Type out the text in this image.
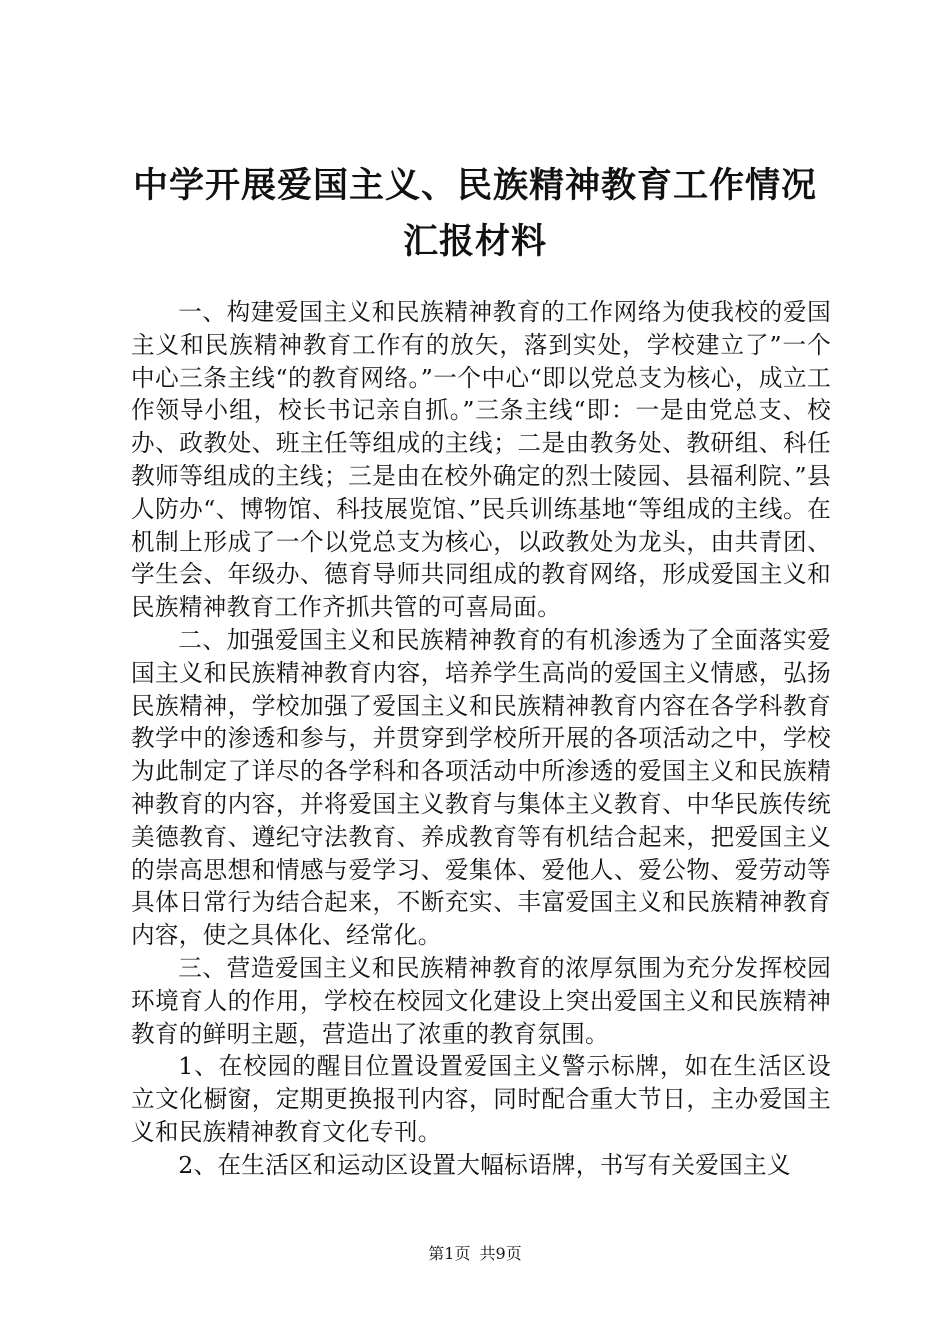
中学开展爱国主义、民族精神教育工作情况汇报材料

一、构建爱国主义和民族精神教育的工作网络为使我校的爱国主义和民族精神教育工作有的放矢，落到实处，学校建立了”一个中心三条主线“的教育网络。”一个中心“即以党总支为核心，成立工作领导小组，校长书记亲自抓。”三条主线“即：一是由党总支、校办、政教处、班主任等组成的主线；二是由教务处、教研组、科任教师等组成的主线；三是由在校外确定的烈士陵园、县福利院、”县人防办“、博物馆、科技展览馆、”民兵训练基地“等组成的主线。在机制上形成了一个以党总支为核心，以政教处为龙头，由共青团、学生会、年级办、德育导师共同组成的教育网络，形成爱国主义和民族精神教育工作齐抓共管的可喜局面。

二、加强爱国主义和民族精神教育的有机渗透为了全面落实爱国主义和民族精神教育内容，培养学生高尚的爱国主义情感，弘扬民族精神，学校加强了爱国主义和民族精神教育内容在各学科教育教学中的渗透和参与，并贯穿到学校所开展的各项活动之中，学校为此制定了详尽的各学科和各项活动中所渗透的爱国主义和民族精神教育的内容，并将爱国主义教育与集体主义教育、中华民族传统美德教育、遵纪守法教育、养成教育等有机结合起来，把爱国主义的崇高思想和情感与爱学习、爱集体、爱他人、爱公物、爱劳动等具体日常行为结合起来，不断充实、丰富爱国主义和民族精神教育内容，使之具体化、经常化。

三、营造爱国主义和民族精神教育的浓厚氛围为充分发挥校园环境育人的作用，学校在校园文化建设上突出爱国主义和民族精神教育的鲜明主题，营造出了浓重的教育氛围。

1、在校园的醒目位置设置爱国主义警示标牌，如在生活区设立文化橱窗，定期更换报刊内容，同时配合重大节日，主办爱国主义和民族精神教育文化专刊。

2、在生活区和运动区设置大幅标语牌，书写有关爱国主义

第1页 共9页
